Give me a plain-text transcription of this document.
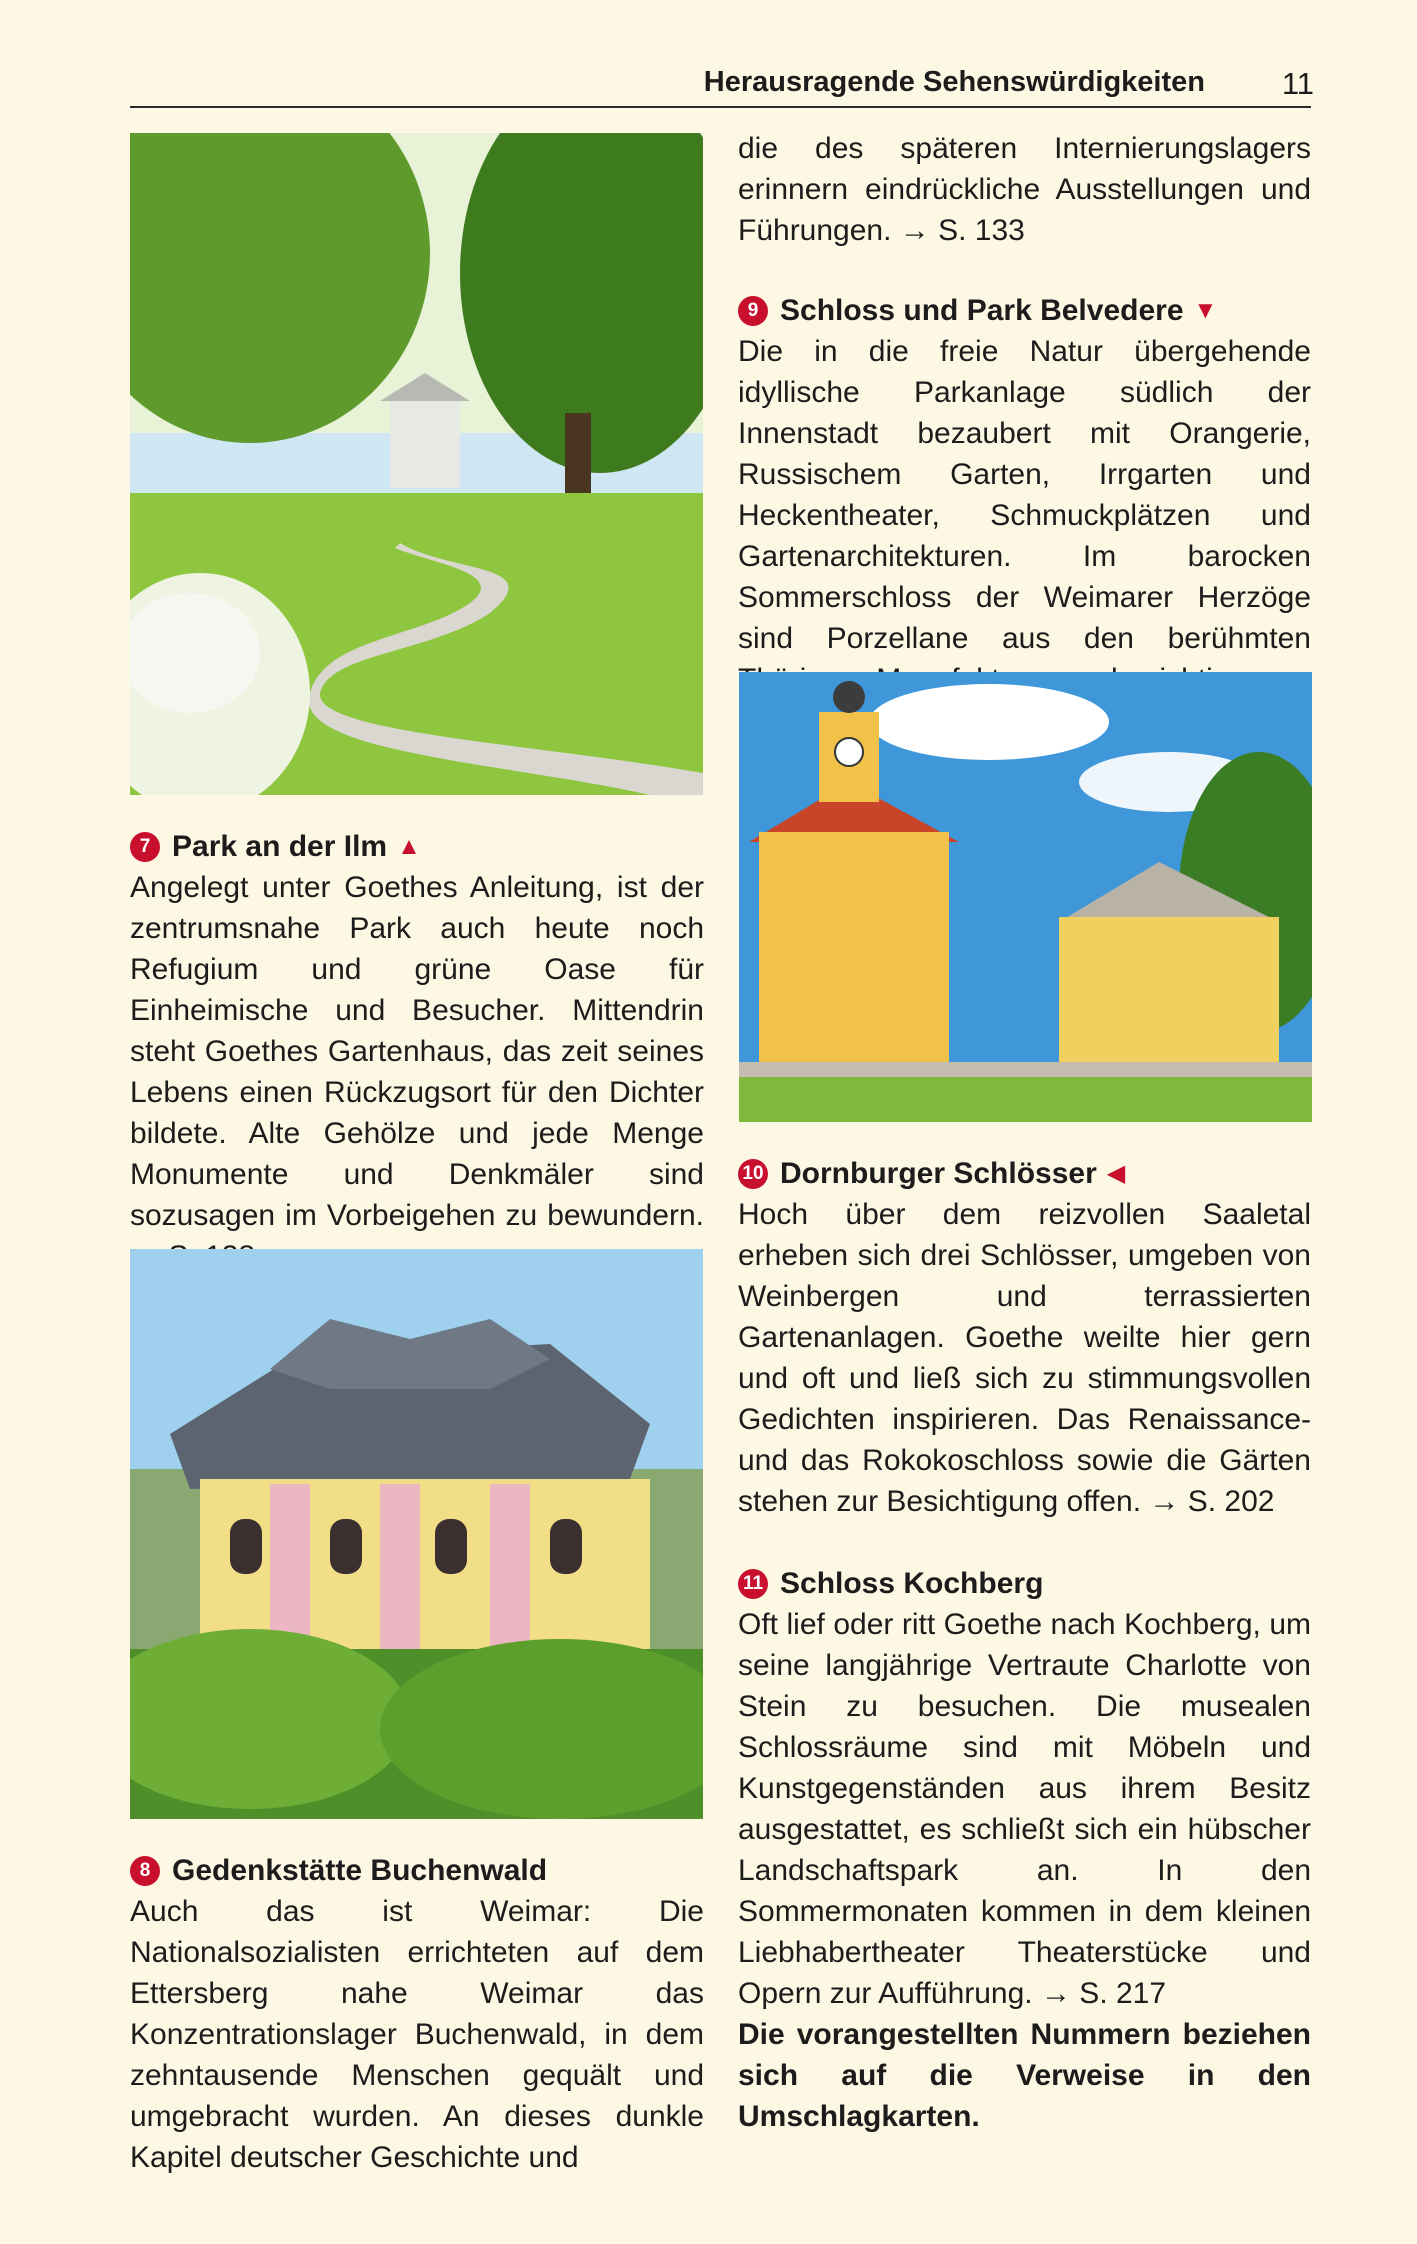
Herausragende Sehenswürdigkeiten	11
7 Park an der Ilm ▲

Angelegt unter Goethes Anleitung, ist der zentrumsnahe Park auch heute noch Refugium und grüne Oase für Einheimische und Besucher. Mittendrin steht Goethes Gartenhaus, das zeit seines Lebens einen Rückzugsort für den Dichter bildete. Alte Gehölze und jede Menge Monumente und Denkmäler sind sozusagen im Vorbeigehen zu bewundern.

8 Gedenkstätte Buchenwald

Auch das ist Weimar: Die Nationalsozialisten errichteten auf dem Ettersberg nahe Weimar das Konzentrationslager Buchenwald, in dem zehntausende Menschen gequält und umgebracht wurden. An dieses dunkle Kapitel deutscher Geschichte und

die des späteren Internierungslagers erinnern eindrückliche Ausstellungen und Führungen. → S. 133

9 Schloss und Park Belvedere ▼

Die in die freie Natur übergehende idyllische Parkanlage südlich der Innenstadt bezaubert mit Orangerie, Russischem Garten, Irrgarten und Heckentheater, Schmuckplätzen und Gartenarchitekturen. Im barocken Sommerschloss der Weimarer Herzöge sind Porzellane aus den berühmten

10 Dornburger Schlösser ◀

Hoch über dem reizvollen Saaletal erheben sich drei Schlösser, umgeben von Weinbergen und terrassierten Gartenanlagen. Goethe weilte hier gern und oft und ließ sich zu stimmungsvollen Gedichten inspirieren. Das Renaissance- und das Rokokoschloss sowie die Gärten stehen zur Besichtigung offen. → S. 202

11 Schloss Kochberg

Oft lief oder ritt Goethe nach Kochberg, um seine langjährige Vertraute Charlotte von Stein zu besuchen. Die musealen Schlossräume sind mit Möbeln und Kunstgegenständen aus ihrem Besitz ausgestattet, es schließt sich ein hübscher Landschaftspark an. In den Sommermonaten kommen in dem kleinen Liebhabertheater Theaterstücke und Opern zur Aufführung. → S. 217

Die vorangestellten Nummern beziehen sich auf die Verweise in den Umschlagkarten.
